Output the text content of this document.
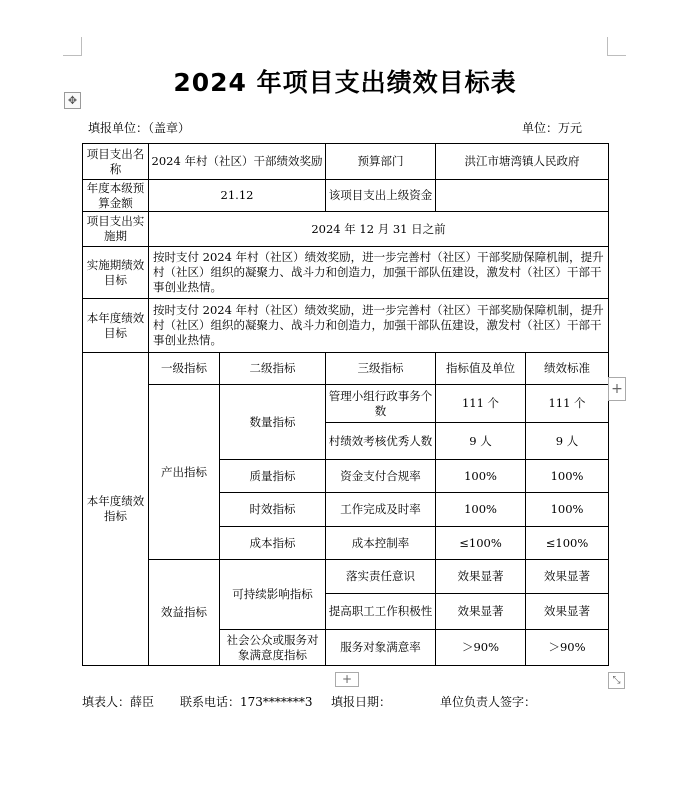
✥
2024 年项目支出绩效目标表
填报单位：（盖章）	单位：万元
项目支出名称	2024 年村（社区）干部绩效奖励		预算部门	洪江市塘湾镇人民政府	
年度本级预算金额	21.12		该项目支出上级资金		
项目支出实施期	2024 年 12 月 31 日之前				
实施期绩效目标	按时支付 2024 年村（社区）绩效奖励，进一步完善村（社区）干部奖励保障机制，提升村（社区）组织的凝聚力、战斗力和创造力，加强干部队伍建设，激发村（社区）干部干事创业热情。				
本年度绩效目标	按时支付 2024 年村（社区）绩效奖励，进一步完善村（社区）干部奖励保障机制，提升村（社区）组织的凝聚力、战斗力和创造力，加强干部队伍建设，激发村（社区）干部干事创业热情。				
本年度绩效指标	一级指标	二级指标	三级指标	指标值及单位	绩效标准
	产出指标	数量指标	管理小组行政事务个数	111 个	111 个
			村绩效考核优秀人数	9 人	9 人
		质量指标	资金支付合规率	100%	100%
		时效指标	工作完成及时率	100%	100%
		成本指标	成本控制率	≤100%	≤100%
	效益指标	可持续影响指标	落实责任意识	效果显著	效果显著
			提高职工工作积极性	效果显著	效果显著
		社会公众或服务对象满意度指标	服务对象满意率	＞90%	＞90%
+
+	⤡
填表人：薛臣 联系电话：173*******3 填报日期：	单位负责人签字：
